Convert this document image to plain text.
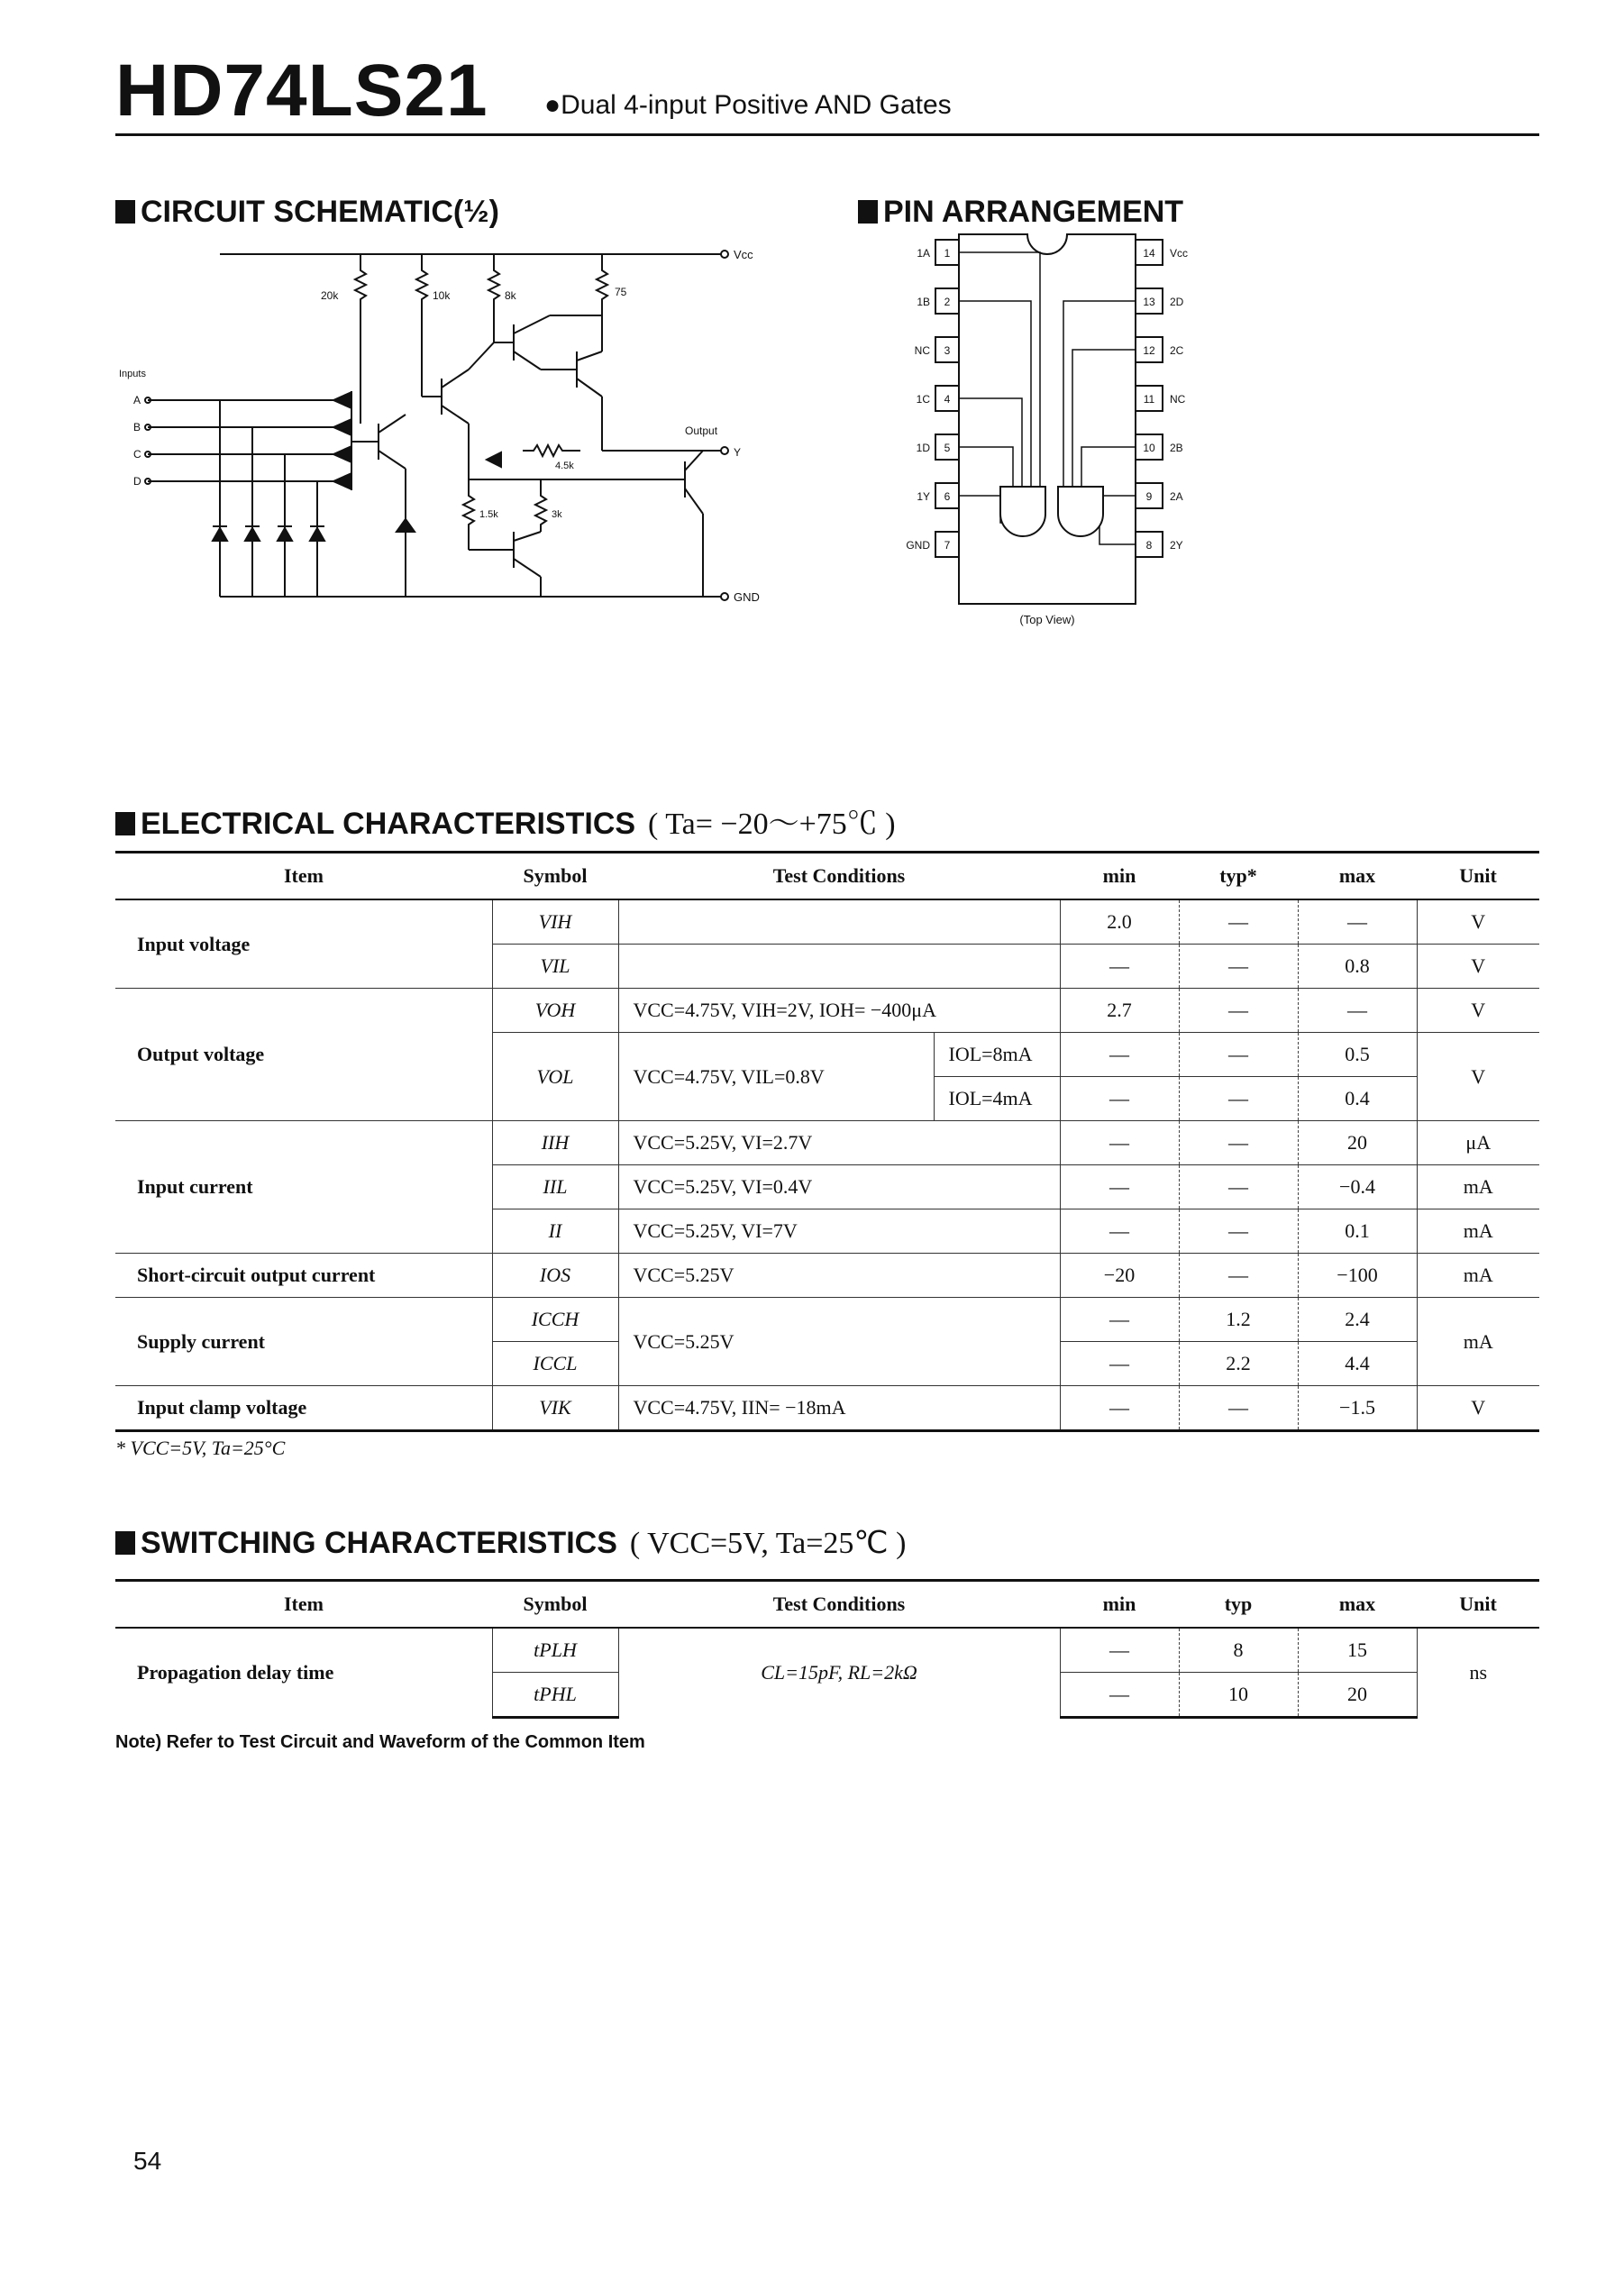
HD74LS21 ●Dual 4-input Positive AND Gates
CIRCUIT SCHEMATIC(½)
Vcc
GND
20k	10k	8k	75
Inputs
A
B
C
D
Output
Y
4.5k
1.5k	3k
PIN ARRANGEMENT
1
1A
2
1B
3
NC
4
1C
5
1D
6
1Y
7
GND
14 Vcc
13 2D
12 2C
11 NC
10 2B
9 2A
8 2Y
(Top View)
ELECTRICAL CHARACTERISTICS ( Ta= −20～+75℃ )
Item	Symbol	Test Conditions		min	typ*	max	Unit
Input voltage	VIH			2.0	—	—	V
	VIL			—	—	0.8	V
Output voltage	VOH	VCC=4.75V, VIH=2V, IOH= −400μA		2.7	—	—	V
	VOL	VCC=4.75V, VIL=0.8V	IOL=8mA	—	—	0.5	V
			IOL=4mA	—	—	0.4	
Input current	IIH	VCC=5.25V, VI=2.7V		—	—	20	μA
	IIL	VCC=5.25V, VI=0.4V		—	—	−0.4	mA
	II	VCC=5.25V, VI=7V		—	—	0.1	mA
Short-circuit output current	IOS	VCC=5.25V		−20	—	−100	mA
Supply current	ICCH	VCC=5.25V		—	1.2	2.4	mA
	ICCL			—	2.2	4.4	
Input clamp voltage	VIK	VCC=4.75V, IIN= −18mA		—	—	−1.5	V
* VCC=5V, Ta=25°C
SWITCHING CHARACTERISTICS ( VCC=5V, Ta=25℃ )
Item	Symbol	Test Conditions	min	typ	max	Unit
Propagation delay time	tPLH	CL=15pF, RL=2kΩ	—	8	15	ns
	tPHL		—	10	20	
Note) Refer to Test Circuit and Waveform of the Common Item
54
